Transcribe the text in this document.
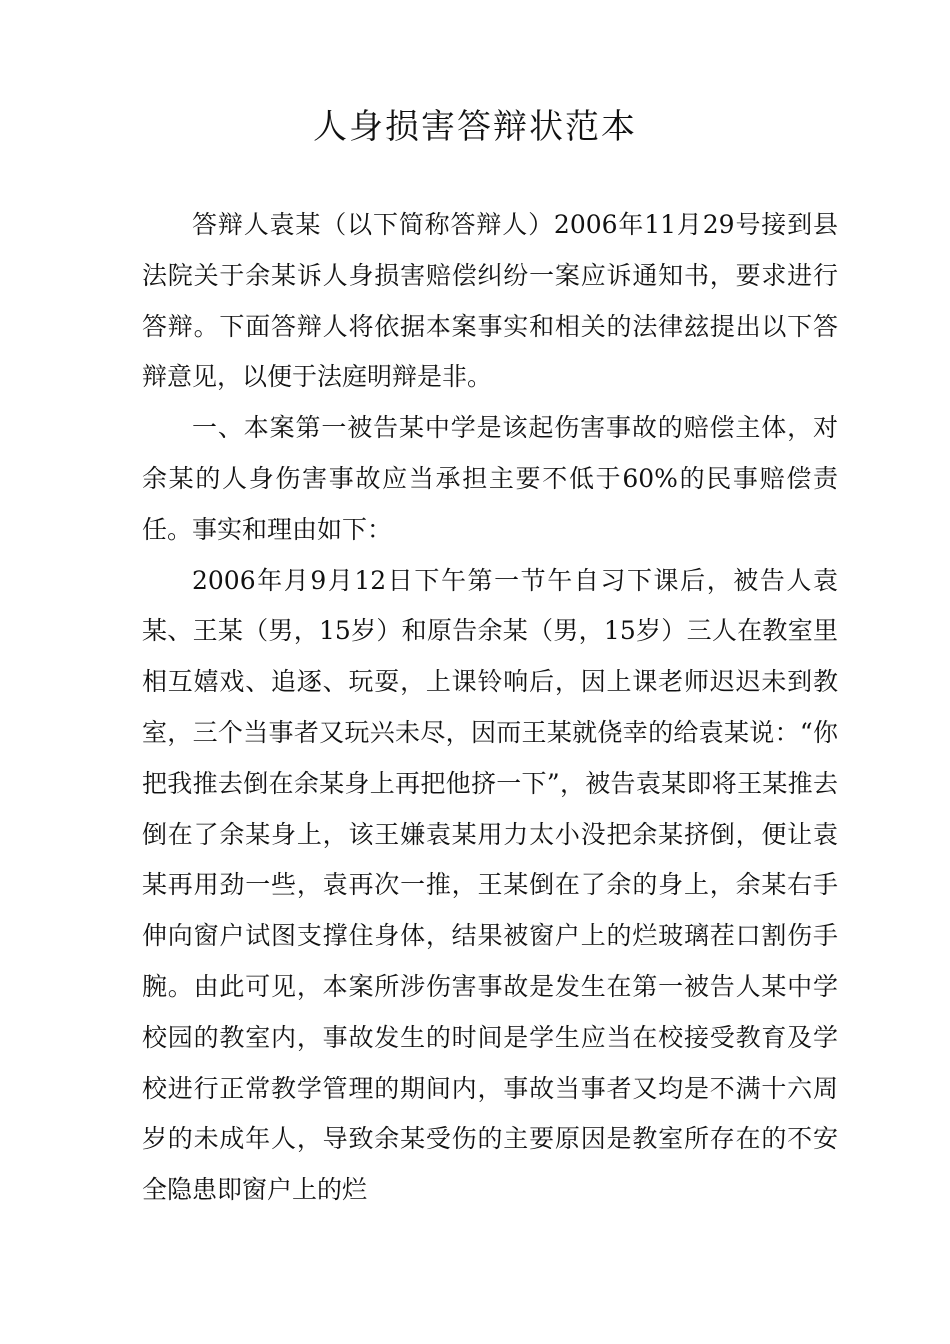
人身损害答辩状范本

答辩人袁某（以下简称答辩人）2006年11月29号接到县法院关于余某诉人身损害赔偿纠纷一案应诉通知书，要求进行答辩。下面答辩人将依据本案事实和相关的法律玆提出以下答辩意见，以便于法庭明辩是非。

一、本案第一被告某中学是该起伤害事故的赔偿主体，对余某的人身伤害事故应当承担主要不低于60%的民事赔偿责任。事实和理由如下：

2006年月9月12日下午第一节午自习下课后，被告人袁某、王某（男，15岁）和原告余某（男，15岁）三人在教室里相互嬉戏、追逐、玩耍，上课铃响后，因上课老师迟迟未到教室，三个当事者又玩兴未尽，因而王某就侥幸的给袁某说：“你把我推去倒在余某身上再把他挤一下”，被告袁某即将王某推去倒在了余某身上，该王嫌袁某用力太小没把余某挤倒，便让袁某再用劲一些，袁再次一推，王某倒在了余的身上，余某右手伸向窗户试图支撑住身体，结果被窗户上的烂玻璃茬口割伤手腕。由此可见，本案所涉伤害事故是发生在第一被告人某中学校园的教室内，事故发生的时间是学生应当在校接受教育及学校进行正常教学管理的期间内，事故当事者又均是不满十六周岁的未成年人，导致余某受伤的主要原因是教室所存在的不安全隐患即窗户上的烂
